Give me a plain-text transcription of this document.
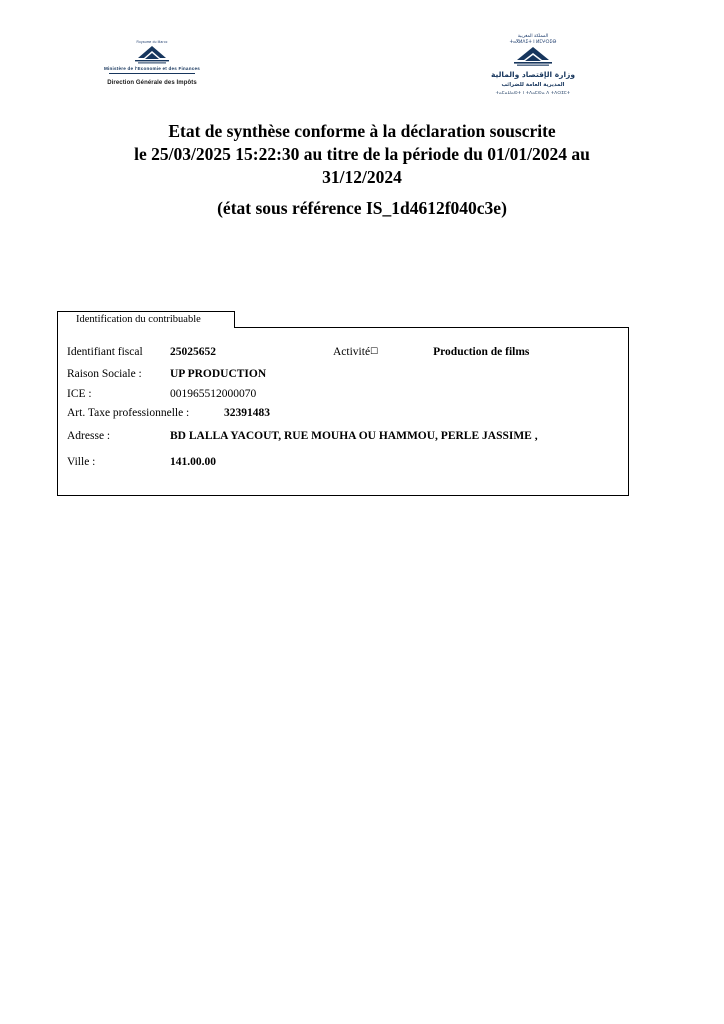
Royaume du Maroc
Ministère de l'Economie et des Finances
Direction Générale des Impôts
المملكة المغربية
ⵜⴰⴳⵍⴷⵉⵜ ⵏ ⵍⵎⵖⵔⵉⴱ
وزارة الإقتصاد والمالية
المديرية العامة للضرائب
ⵜⴰⵎⴰⵡⴰⵙⵜ ⵏ ⵜⴷⴰⵎⵙⴰ ⴷ ⵜⴷⵔⵉⵎⵜ
Etat de synthèse conforme à la déclaration souscrite
le 25/03/2025 15:22:30 au titre de la période du 01/01/2024 au
31/12/2024
(état sous référence IS_1d4612f040c3e)
Identification du contribuable
Identifiant fiscal 25025652	Activité☐	Production de films
Raison Sociale : UP PRODUCTION
ICE :	001965512000070
Art. Taxe professionnelle :	32391483
Adresse :	BD LALLA YACOUT, RUE MOUHA OU HAMMOU, PERLE JASSIME ,
Ville :	141.00.00
